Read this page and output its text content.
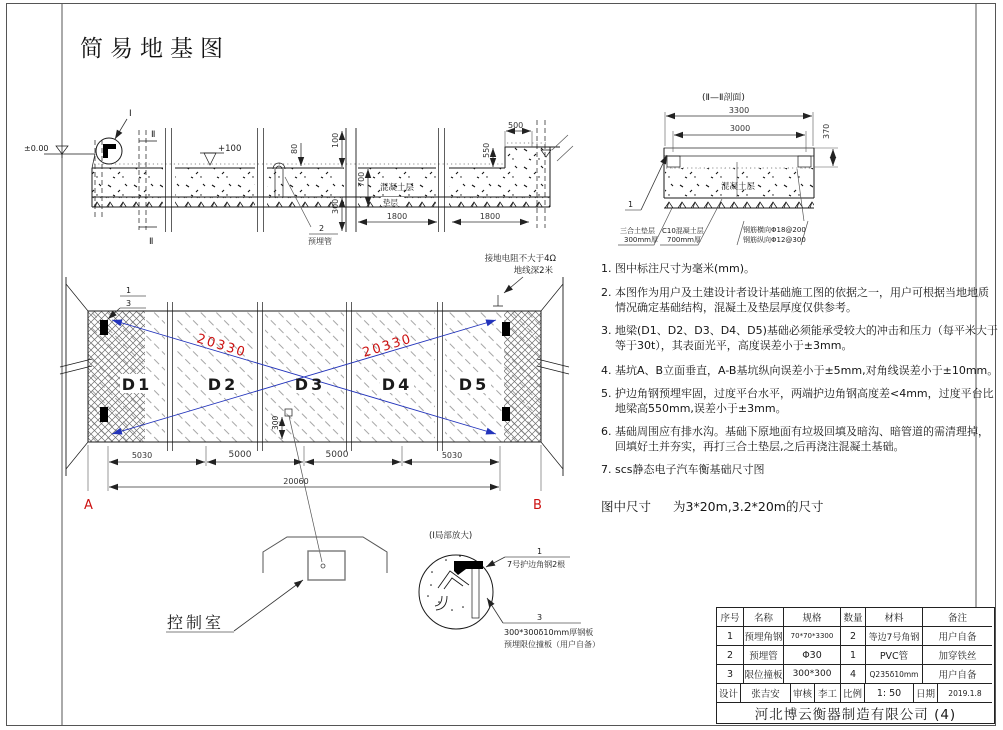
±0.00	+100
Ⅰ
Ⅱ
Ⅱ
80
100
300
700
550
500
1800	1800
混凝土层
垫层
2
预埋管
(Ⅱ—Ⅱ剖面)
3300
3000	370
混凝土层
1
三合土垫层
300mm厚
C10混凝土层
700mm厚
钢筋横向Φ18@200
钢筋纵向Φ12@300
D1	D2	D3	D4	D5
20330	20330
1
3
接地电阻不大于4Ω
地线深2米
300
5030	5000	5000	5030
20060
A	B
控制室
(Ⅰ局部放大)
1
7号护边角钢2根
3
300*300δ10mm厚钢板
预埋限位撞板（用户自备）
简易地基图
1. 图中标注尺寸为毫米(mm)。
2. 本图作为用户及土建设计者设计基础施工图的依据之一，用户可根据当地地质情况确定基础结构，混凝土及垫层厚度仅供参考。
3. 地梁(D1、D2、D3、D4、D5)基础必须能承受较大的冲击和压力（每平米大于等于30t），其表面光平，高度误差小于±3mm。
4. 基坑A、B立面垂直，A-B基坑纵向误差小于±5mm,对角线误差小于±10mm。
5. 护边角钢预埋牢固，过度平台水平，两端护边角钢高度差<4mm，过度平台比地梁高550mm,误差小于±3mm。
6. 基础周围应有排水沟。基础下原地面有垃圾回填及暗沟、暗管道的需清理掉，回填好土并夯实，再打三合土垫层,之后再浇注混凝土基础。
7. scs静态电子汽车衡基础尺寸图
图中尺寸 为3*20m,3.2*20m的尺寸
序号	名称	规格	数量	材料	备注
1	预埋角钢	70*70*3300	2	等边7号角钢	用户自备
2	预埋管	Φ30	1	PVC管	加穿铁丝
3	限位撞板	300*300	4	Q235δ10mm	用户自备
设计	张吉安	审核 李工 比例	1: 50	日期	2019.1.8
河北博云衡器制造有限公司 (4)
